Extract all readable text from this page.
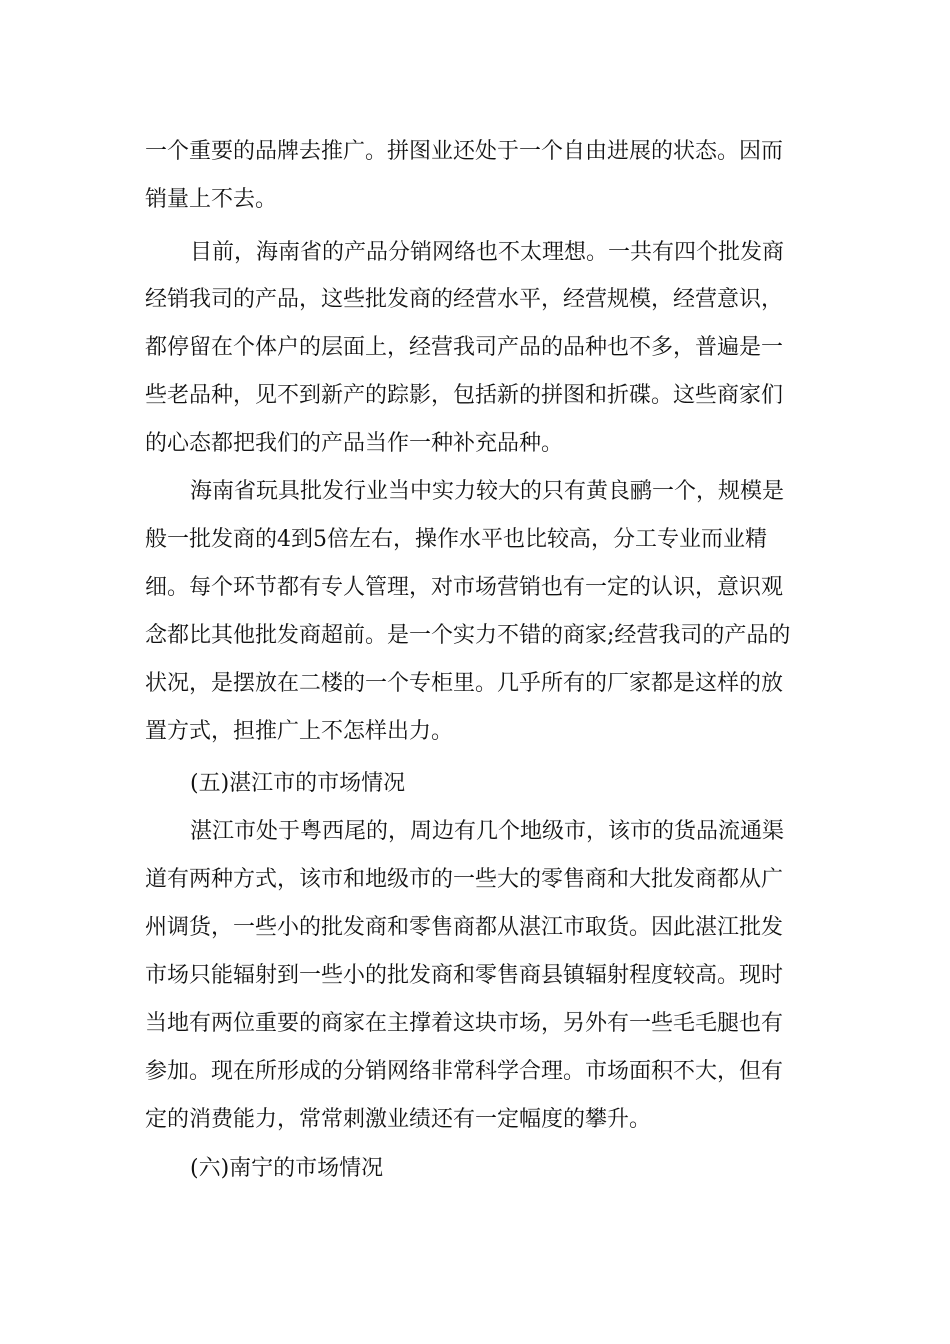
一个重要的品牌去推广。拼图业还处于一个自由进展的状态。因而

销量上不去。

目前，海南省的产品分销网络也不太理想。一共有四个批发商

经销我司的产品，这些批发商的经营水平，经营规模，经营意识，

都停留在个体户的层面上，经营我司产品的品种也不多，普遍是一

些老品种，见不到新产的踪影，包括新的拼图和折碟。这些商家们

的心态都把我们的产品当作一种补充品种。

海南省玩具批发行业当中实力较大的只有黄良鹂一个，规模是

般一批发商的4到5倍左右，操作水平也比较高，分工专业而业精

细。每个环节都有专人管理，对市场营销也有一定的认识，意识观

念都比其他批发商超前。是一个实力不错的商家;经营我司的产品的

状况，是摆放在二楼的一个专柜里。几乎所有的厂家都是这样的放

置方式，担推广上不怎样出力。

(五)湛江市的市场情况

湛江市处于粤西尾的，周边有几个地级市，该市的货品流通渠

道有两种方式，该市和地级市的一些大的零售商和大批发商都从广

州调货，一些小的批发商和零售商都从湛江市取货。因此湛江批发

市场只能辐射到一些小的批发商和零售商县镇辐射程度较高。现时

当地有两位重要的商家在主撑着这块市场，另外有一些毛毛腿也有

参加。现在所形成的分销网络非常科学合理。市场面积不大，但有

定的消费能力，常常刺激业绩还有一定幅度的攀升。

(六)南宁的市场情况
